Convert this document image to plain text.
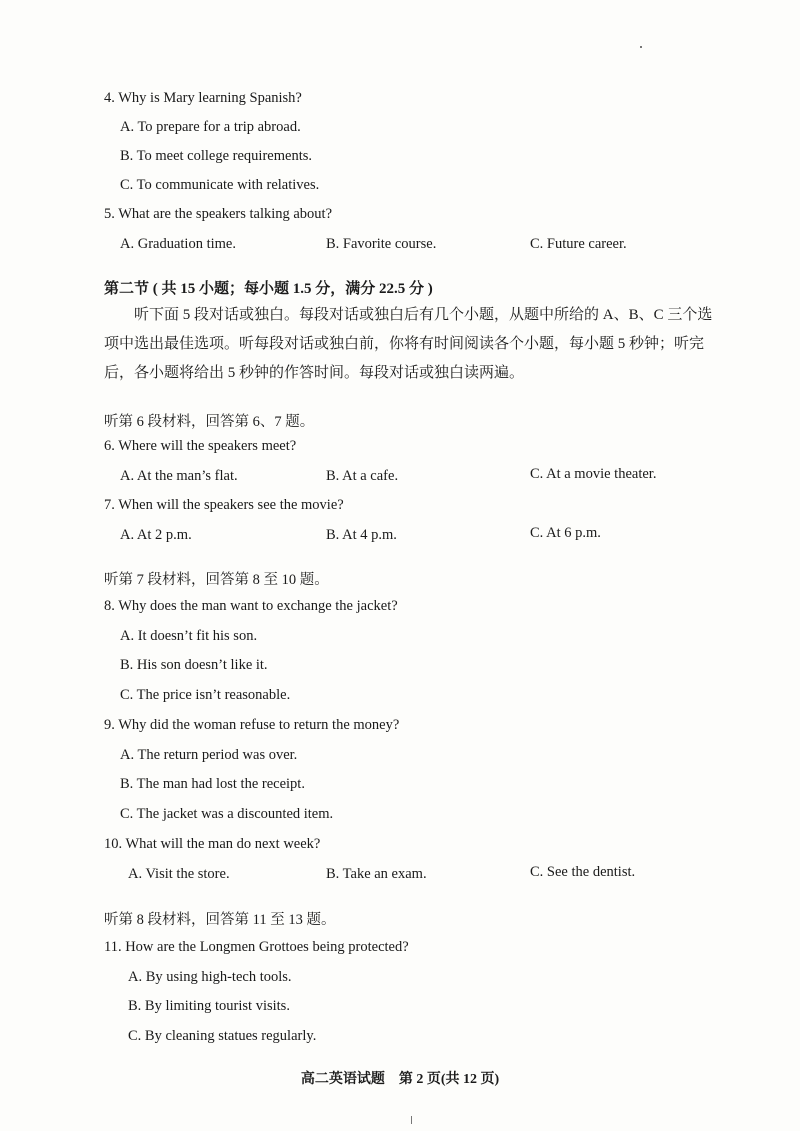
4. Why is Mary learning Spanish?
A. To prepare for a trip abroad.
B. To meet college requirements.
C. To communicate with relatives.
5. What are the speakers talking about?
A. Graduation time.	B. Favorite course.	C. Future career.
第二节 ( 共 15 小题；每小题 1.5 分，满分 22.5 分 )
　　听下面 5 段对话或独白。每段对话或独白后有几个小题，从题中所给的 A、B、C 三个选
项中选出最佳选项。听每段对话或独白前，你将有时间阅读各个小题，每小题 5 秒钟；听完
后，各小题将给出 5 秒钟的作答时间。每段对话或独白读两遍。
听第 6 段材料，回答第 6、7 题。
6. Where will the speakers meet?
A. At the man’s flat.	B. At a cafe.	C. At a movie theater.
7. When will the speakers see the movie?
A. At 2 p.m.	B. At 4 p.m.	C. At 6 p.m.
听第 7 段材料，回答第 8 至 10 题。
8. Why does the man want to exchange the jacket?
A. It doesn’t fit his son.
B. His son doesn’t like it.
C. The price isn’t reasonable.
9. Why did the woman refuse to return the money?
A. The return period was over.
B. The man had lost the receipt.
C. The jacket was a discounted item.
10. What will the man do next week?
A. Visit the store.	B. Take an exam.	C. See the dentist.
听第 8 段材料，回答第 11 至 13 题。
11. How are the Longmen Grottoes being protected?
A. By using high-tech tools.
B. By limiting tourist visits.
C. By cleaning statues regularly.
高二英语试题　第 2 页(共 12 页)
